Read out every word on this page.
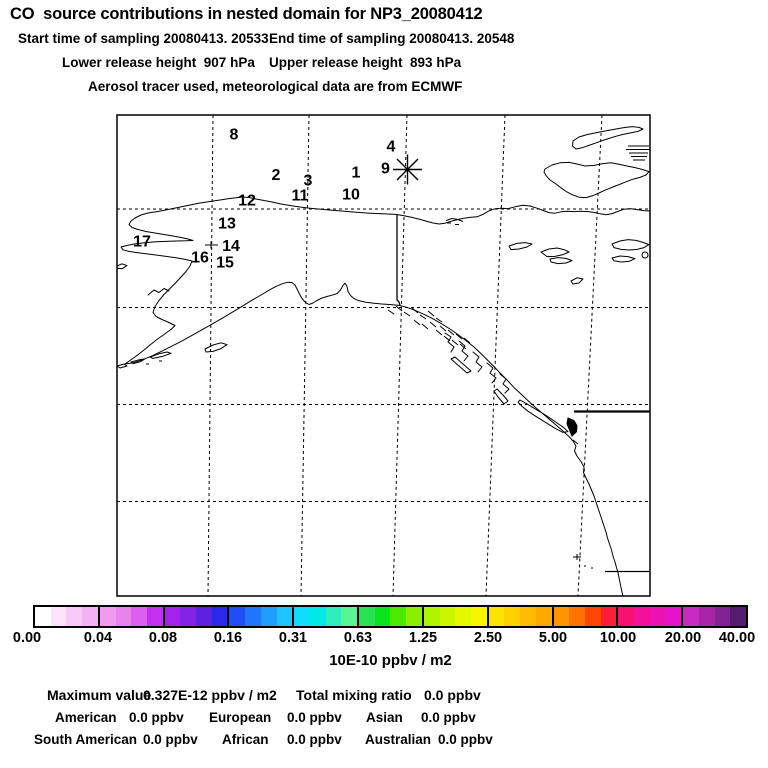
CO  source contributions in nested domain for NP3_20080412
Start time of sampling 20080413. 20533 End time of sampling 20080413. 20548
Lower release height  907 hPa Upper release height  893 hPa
Aerosol tracer used, meteorological data are from ECMWF
1
2 3
4
8
9
10
11
12
13
14
15
16
17
0.00	0.04	0.08	0.16	0.31	0.63	1.25	2.50	5.00 10.00 20.00 40.00
10E-10 ppbv / m2
Maximum value
0.327E-12 ppbv / m2 Total mixing ratio 0.0 ppbv
American 0.0 ppbv European 0.0 ppbv Asian 0.0 ppbv
South American 0.0 ppbv African 0.0 ppbv Australian 0.0 ppbv
